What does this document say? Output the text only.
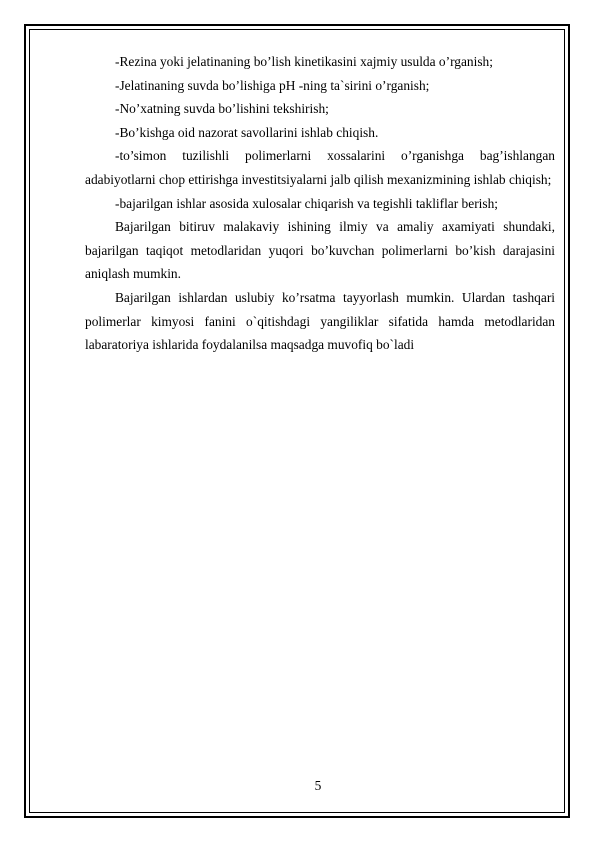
-Rezina yoki jelatinaning bo’lish kinetikasini xajmiy usulda o’rganish;

-Jelatinaning suvda bo’lishiga pH -ning ta`sirini o’rganish;

-No’xatning suvda bo’lishini tekshirish;

-Bo’kishga oid nazorat savollarini ishlab chiqish.

-to’simon tuzilishli polimerlarni xossalarini o’rganishga bag’ishlangan adabiyotlarni chop ettirishga investitsiyalarni jalb qilish mexanizmining ishlab chiqish;

-bajarilgan ishlar asosida xulosalar chiqarish va tegishli takliflar berish;

Bajarilgan bitiruv malakaviy ishining ilmiy va amaliy axamiyati shundaki, bajarilgan taqiqot metodlaridan yuqori bo’kuvchan polimerlarni bo’kish darajasini aniqlash mumkin.

Bajarilgan ishlardan uslubiy ko’rsatma tayyorlash mumkin. Ulardan tashqari polimerlar kimyosi fanini o`qitishdagi yangiliklar sifatida hamda metodlaridan labaratoriya ishlarida foydalanilsa maqsadga muvofiq bo`ladi

5
